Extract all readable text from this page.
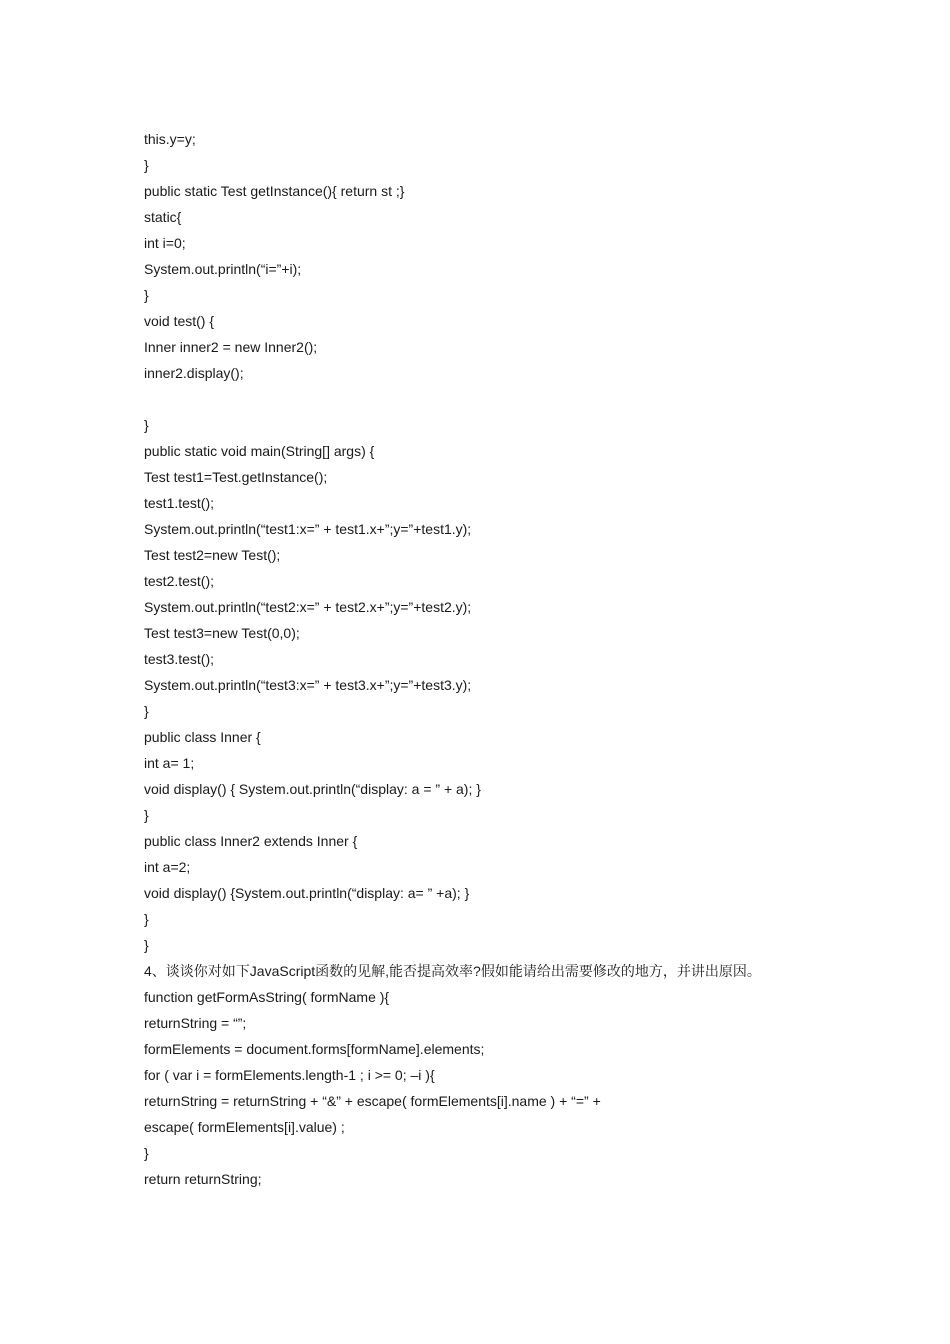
this.y=y;
}
public static Test getInstance(){ return st ;}
static{
int i=0;
System.out.println(“i=”+i);
}
void test() {
Inner inner2 = new Inner2();
inner2.display();
}
public static void main(String[] args) {
Test test1=Test.getInstance();
test1.test();
System.out.println(“test1:x=” + test1.x+”;y=”+test1.y);
Test test2=new Test();
test2.test();
System.out.println(“test2:x=” + test2.x+”;y=”+test2.y);
Test test3=new Test(0,0);
test3.test();
System.out.println(“test3:x=” + test3.x+”;y=”+test3.y);
}
public class Inner {
int a= 1;
void display() { System.out.println(“display: a = ” + a); }
}
public class Inner2 extends Inner {
int a=2;
void display() {System.out.println(“display: a= ” +a); }
}
}
4、谈谈你对如下JavaScript函数的见解,能否提高效率?假如能请给出需要修改的地方，并讲出原因。
function getFormAsString( formName ){
returnString = “”;
formElements = document.forms[formName].elements;
for ( var i = formElements.length-1 ; i >= 0; –i ){
returnString = returnString + “&” + escape( formElements[i].name ) + “=” +
escape( formElements[i].value) ;
}
return returnString;
